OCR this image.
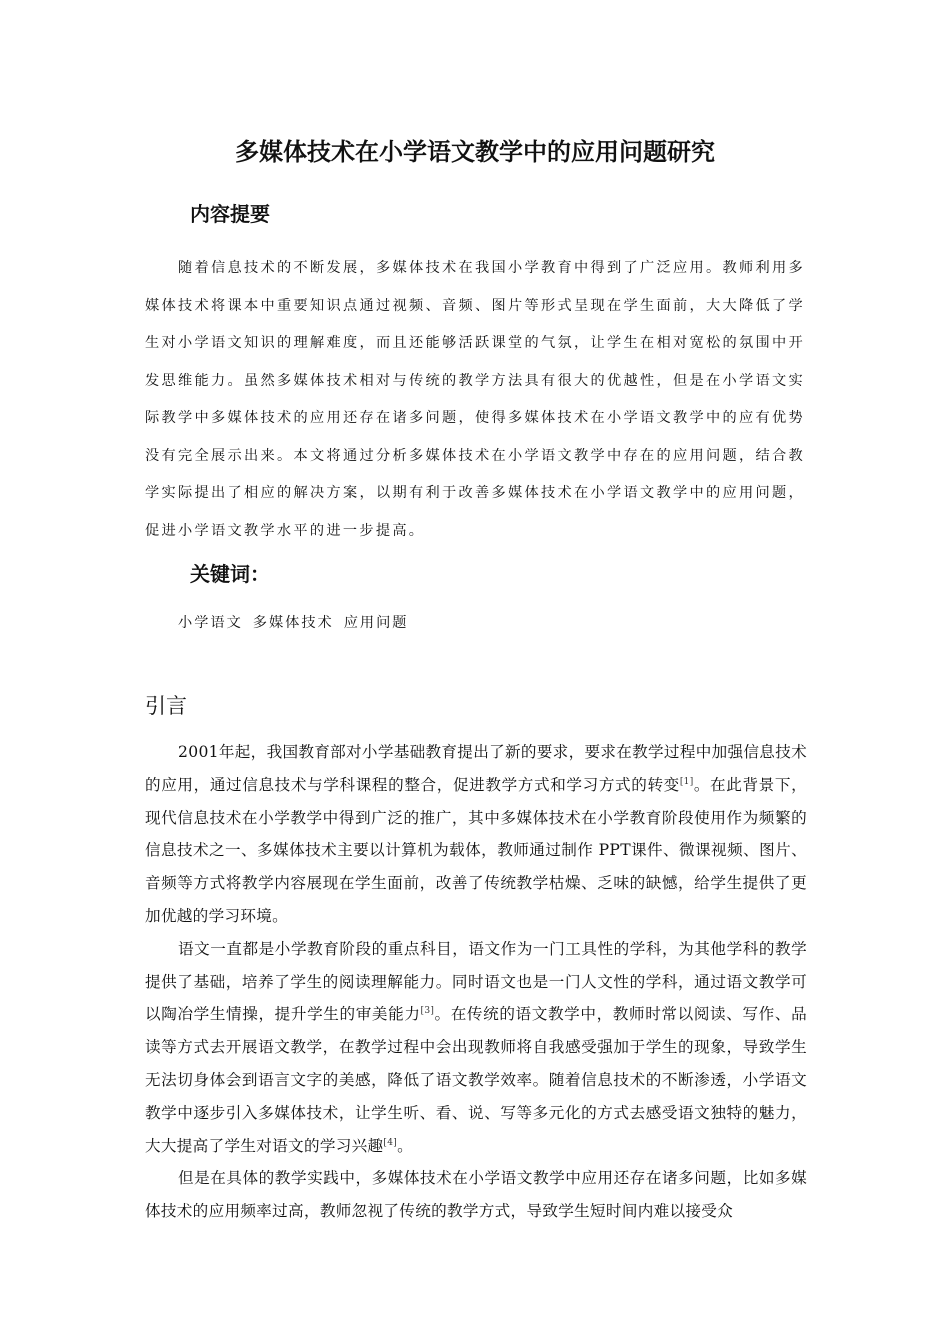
多媒体技术在小学语文教学中的应用问题研究
内容提要

随着信息技术的不断发展，多媒体技术在我国小学教育中得到了广泛应用。教师利用多媒体技术将课本中重要知识点通过视频、音频、图片等形式呈现在学生面前，大大降低了学生对小学语文知识的理解难度，而且还能够活跃课堂的气氛，让学生在相对宽松的氛围中开发思维能力。虽然多媒体技术相对与传统的教学方法具有很大的优越性，但是在小学语文实际教学中多媒体技术的应用还存在诸多问题，使得多媒体技术在小学语文教学中的应有优势没有完全展示出来。本文将通过分析多媒体技术在小学语文教学中存在的应用问题，结合教学实际提出了相应的解决方案，以期有利于改善多媒体技术在小学语文教学中的应用问题，促进小学语文教学水平的进一步提高。

关键词：

小学语文 多媒体技术 应用问题

引言

2001年起，我国教育部对小学基础教育提出了新的要求，要求在教学过程中加强信息技术的应用，通过信息技术与学科课程的整合，促进教学方式和学习方式的转变[1]。在此背景下，现代信息技术在小学教学中得到广泛的推广，其中多媒体技术在小学教育阶段使用作为频繁的信息技术之一、多媒体技术主要以计算机为载体，教师通过制作 PPT课件、微课视频、图片、音频等方式将教学内容展现在学生面前，改善了传统教学枯燥、乏味的缺憾，给学生提供了更加优越的学习环境。

语文一直都是小学教育阶段的重点科目，语文作为一门工具性的学科，为其他学科的教学提供了基础，培养了学生的阅读理解能力。同时语文也是一门人文性的学科，通过语文教学可以陶冶学生情操，提升学生的审美能力[3]。在传统的语文教学中，教师时常以阅读、写作、品读等方式去开展语文教学，在教学过程中会出现教师将自我感受强加于学生的现象，导致学生无法切身体会到语言文字的美感，降低了语文教学效率。随着信息技术的不断渗透，小学语文教学中逐步引入多媒体技术，让学生听、看、说、写等多元化的方式去感受语文独特的魅力，大大提高了学生对语文的学习兴趣[4]。

但是在具体的教学实践中，多媒体技术在小学语文教学中应用还存在诸多问题，比如多媒体技术的应用频率过高，教师忽视了传统的教学方式，导致学生短时间内难以接受众
